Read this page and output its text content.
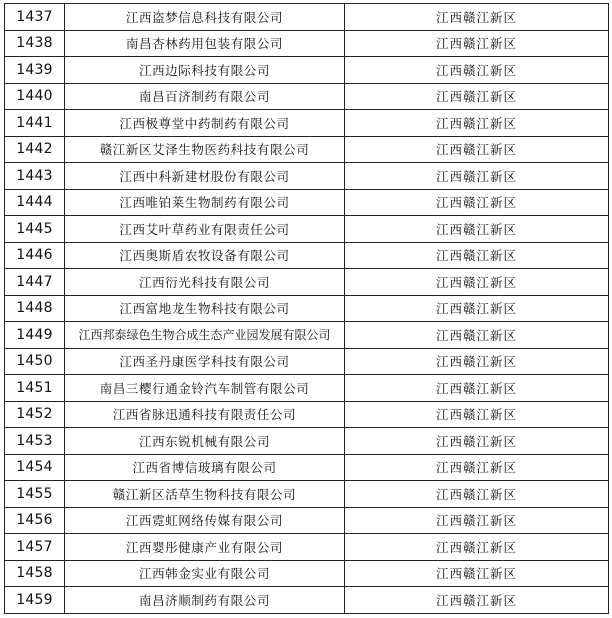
1437	江西盗梦信息科技有限公司	江西赣江新区
1438	南昌杏林药用包装有限公司	江西赣江新区
1439	江西边际科技有限公司	江西赣江新区
1440	南昌百济制药有限公司	江西赣江新区
1441	江西极尊堂中药制药有限公司	江西赣江新区
1442	赣江新区艾泽生物医药科技有限公司	江西赣江新区
1443	江西中科新建材股份有限公司	江西赣江新区
1444	江西唯铂莱生物制药有限公司	江西赣江新区
1445	江西艾叶草药业有限责任公司	江西赣江新区
1446	江西奥斯盾农牧设备有限公司	江西赣江新区
1447	江西衍光科技有限公司	江西赣江新区
1448	江西富地龙生物科技有限公司	江西赣江新区
1449	江西邦泰绿色生物合成生态产业园发展有限公司	江西赣江新区
1450	江西圣丹康医学科技有限公司	江西赣江新区
1451	南昌三樱行通金铃汽车制管有限公司	江西赣江新区
1452	江西省脉迅通科技有限责任公司	江西赣江新区
1453	江西东锐机械有限公司	江西赣江新区
1454	江西省博信玻璃有限公司	江西赣江新区
1455	赣江新区活草生物科技有限公司	江西赣江新区
1456	江西霓虹网络传媒有限公司	江西赣江新区
1457	江西婴彤健康产业有限公司	江西赣江新区
1458	江西韩金实业有限公司	江西赣江新区
1459	南昌济顺制药有限公司	江西赣江新区
